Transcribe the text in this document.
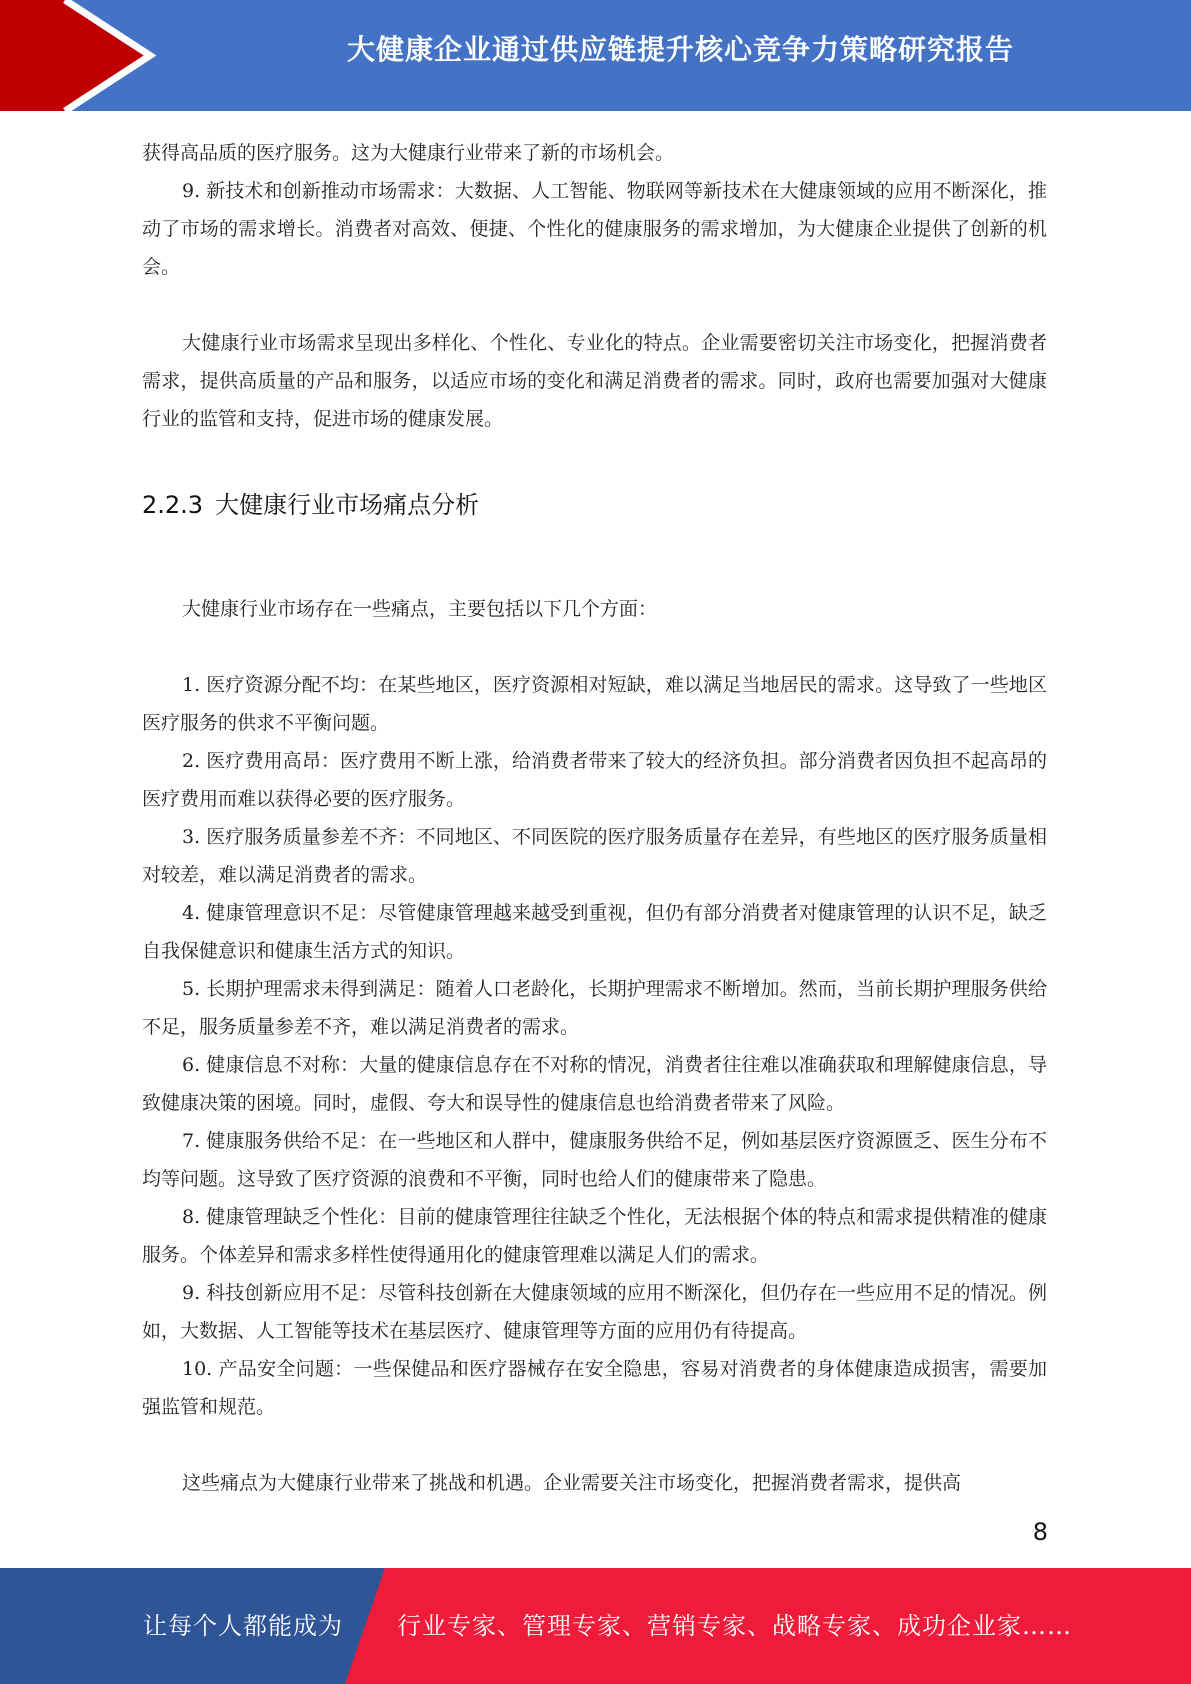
大健康企业通过供应链提升核心竞争力策略研究报告

获得高品质的医疗服务。这为大健康行业带来了新的市场机会。

9. 新技术和创新推动市场需求：大数据、人工智能、物联网等新技术在大健康领域的应用不断深化，推动了市场的需求增长。消费者对高效、便捷、个性化的健康服务的需求增加，为大健康企业提供了创新的机会。

大健康行业市场需求呈现出多样化、个性化、专业化的特点。企业需要密切关注市场变化，把握消费者需求，提供高质量的产品和服务，以适应市场的变化和满足消费者的需求。同时，政府也需要加强对大健康行业的监管和支持，促进市场的健康发展。

2.2.3 大健康行业市场痛点分析

大健康行业市场存在一些痛点，主要包括以下几个方面：

1. 医疗资源分配不均：在某些地区，医疗资源相对短缺，难以满足当地居民的需求。这导致了一些地区医疗服务的供求不平衡问题。

2. 医疗费用高昂：医疗费用不断上涨，给消费者带来了较大的经济负担。部分消费者因负担不起高昂的医疗费用而难以获得必要的医疗服务。

3. 医疗服务质量参差不齐：不同地区、不同医院的医疗服务质量存在差异，有些地区的医疗服务质量相对较差，难以满足消费者的需求。

4. 健康管理意识不足：尽管健康管理越来越受到重视，但仍有部分消费者对健康管理的认识不足，缺乏自我保健意识和健康生活方式的知识。

5. 长期护理需求未得到满足：随着人口老龄化，长期护理需求不断增加。然而，当前长期护理服务供给不足，服务质量参差不齐，难以满足消费者的需求。

6. 健康信息不对称：大量的健康信息存在不对称的情况，消费者往往难以准确获取和理解健康信息，导致健康决策的困境。同时，虚假、夸大和误导性的健康信息也给消费者带来了风险。

7. 健康服务供给不足：在一些地区和人群中，健康服务供给不足，例如基层医疗资源匮乏、医生分布不均等问题。这导致了医疗资源的浪费和不平衡，同时也给人们的健康带来了隐患。

8. 健康管理缺乏个性化：目前的健康管理往往缺乏个性化，无法根据个体的特点和需求提供精准的健康服务。个体差异和需求多样性使得通用化的健康管理难以满足人们的需求。

9. 科技创新应用不足：尽管科技创新在大健康领域的应用不断深化，但仍存在一些应用不足的情况。例如，大数据、人工智能等技术在基层医疗、健康管理等方面的应用仍有待提高。

10. 产品安全问题：一些保健品和医疗器械存在安全隐患，容易对消费者的身体健康造成损害，需要加强监管和规范。

这些痛点为大健康行业带来了挑战和机遇。企业需要关注市场变化，把握消费者需求，提供高

8
让每个人都能成为 行业专家、管理专家、营销专家、战略专家、成功企业家……
